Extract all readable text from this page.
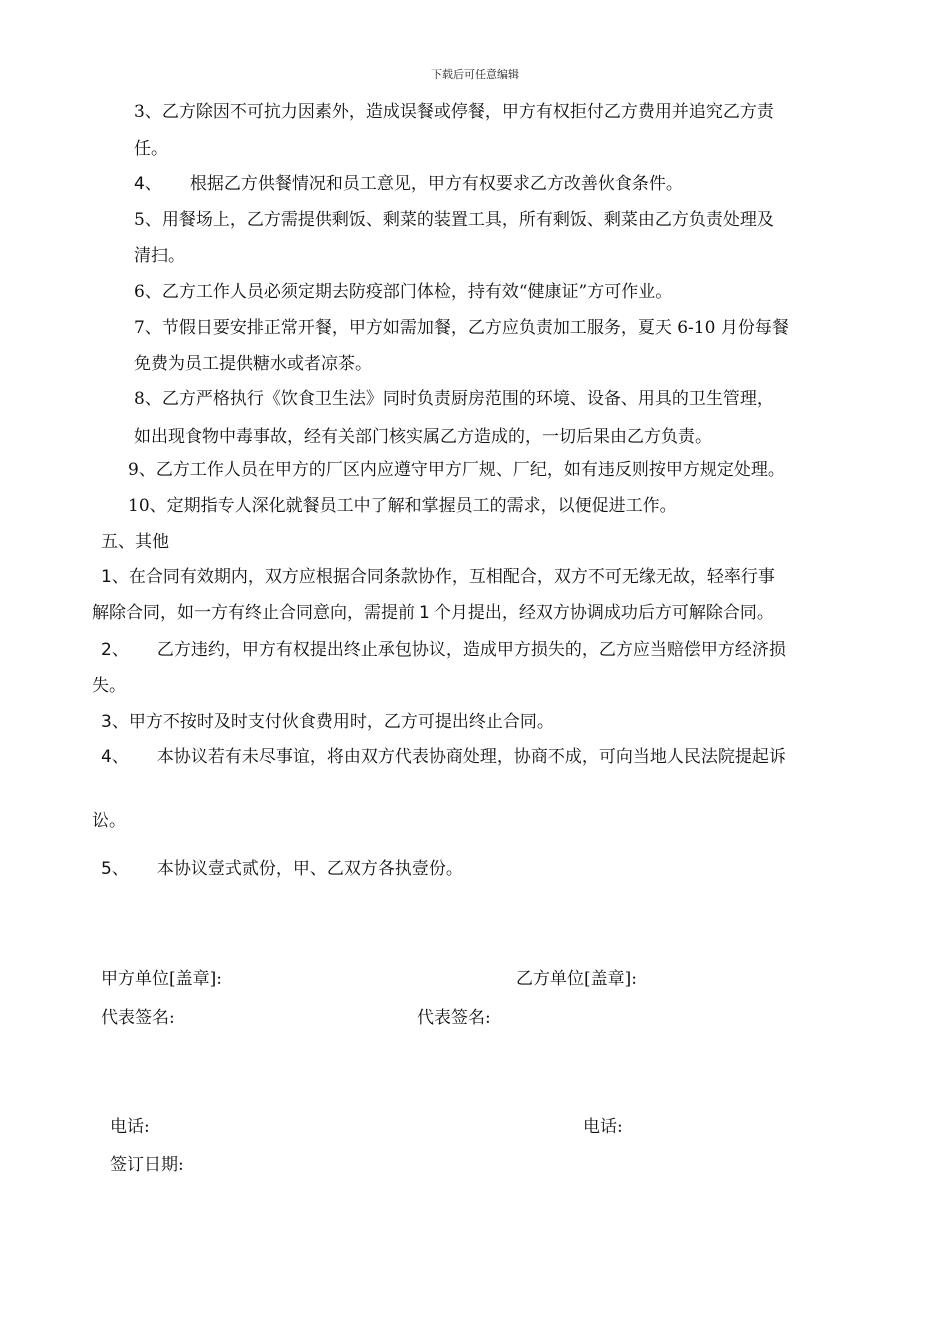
下载后可任意编辑
3、乙方除因不可抗力因素外，造成误餐或停餐，甲方有权拒付乙方费用并追究乙方责
任。
4、 根据乙方供餐情况和员工意见，甲方有权要求乙方改善伙食条件。
5、用餐场上，乙方需提供剩饭、剩菜的装置工具，所有剩饭、剩菜由乙方负责处理及
清扫。
6、乙方工作人员必须定期去防疫部门体检，持有效“健康证”方可作业。
7、节假日要安排正常开餐，甲方如需加餐，乙方应负责加工服务，夏天 6-10 月份每餐
免费为员工提供糖水或者凉茶。
8、乙方严格执行《饮食卫生法》同时负责厨房范围的环境、设备、用具的卫生管理，
如出现食物中毒事故，经有关部门核实属乙方造成的，一切后果由乙方负责。
9、乙方工作人员在甲方的厂区内应遵守甲方厂规、厂纪，如有违反则按甲方规定处理。
10、定期指专人深化就餐员工中了解和掌握员工的需求，以便促进工作。
五、其他
1、在合同有效期内，双方应根据合同条款协作，互相配合，双方不可无缘无故，轻率行事
解除合同，如一方有终止合同意向，需提前 1 个月提出，经双方协调成功后方可解除合同。
2、 乙方违约，甲方有权提出终止承包协议，造成甲方损失的，乙方应当赔偿甲方经济损
失。
3、甲方不按时及时支付伙食费用时，乙方可提出终止合同。
4、 本协议若有未尽事谊，将由双方代表协商处理，协商不成，可向当地人民法院提起诉
讼。
5、 本协议壹式贰份，甲、乙双方各执壹份。
甲方单位[盖章]:	乙方单位[盖章]:
代表签名:	代表签名:
电话:	电话:
签订日期:
